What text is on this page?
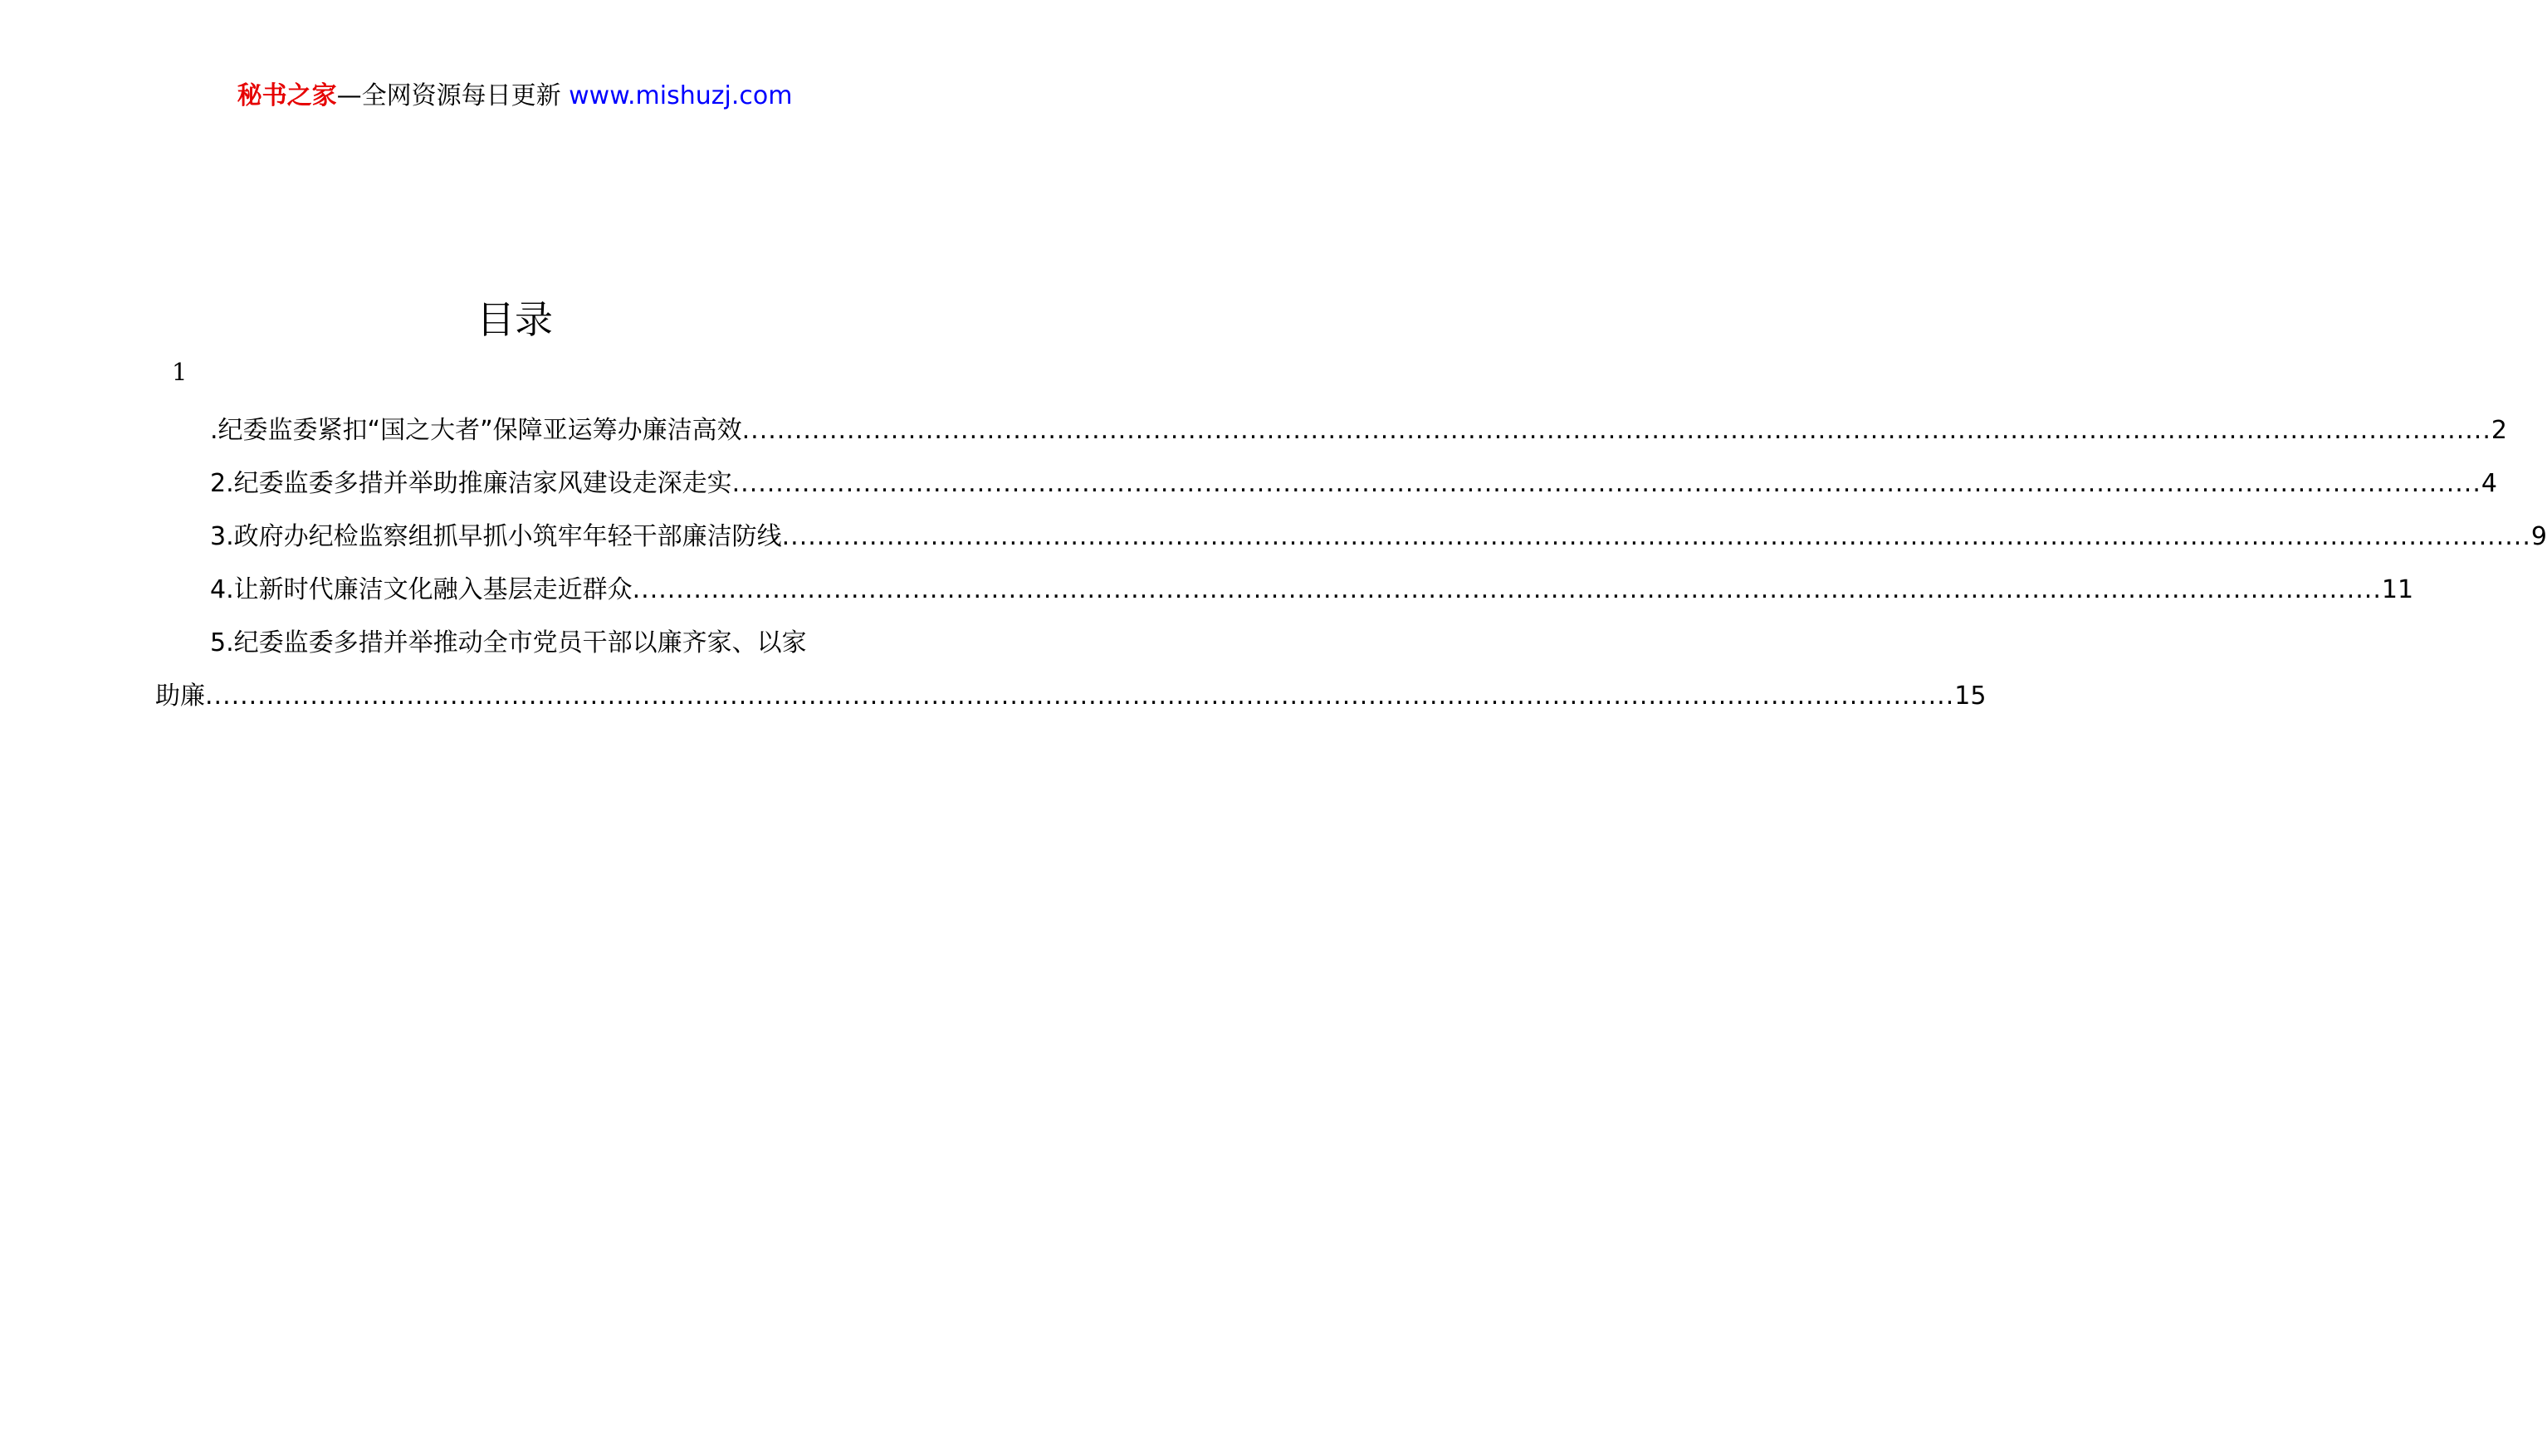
秘书之家—全网资源每日更新 www.mishuzj.com
目录
1
.纪委监委紧扣“国之大者”保障亚运筹办廉洁高效 ........................................................................................................................................................................................................ 2
2.纪委监委多措并举助推廉洁家风建设走深走实 ........................................................................................................................................................................................................ 4
3.政府办纪检监察组抓早抓小筑牢年轻干部廉洁防线 ........................................................................................................................................................................................................ 9
4.让新时代廉洁文化融入基层走近群众 ........................................................................................................................................................................................................ 11
5.纪委监委多措并举推动全市党员干部以廉齐家、以家
助廉 ........................................................................................................................................................................................................ 15
